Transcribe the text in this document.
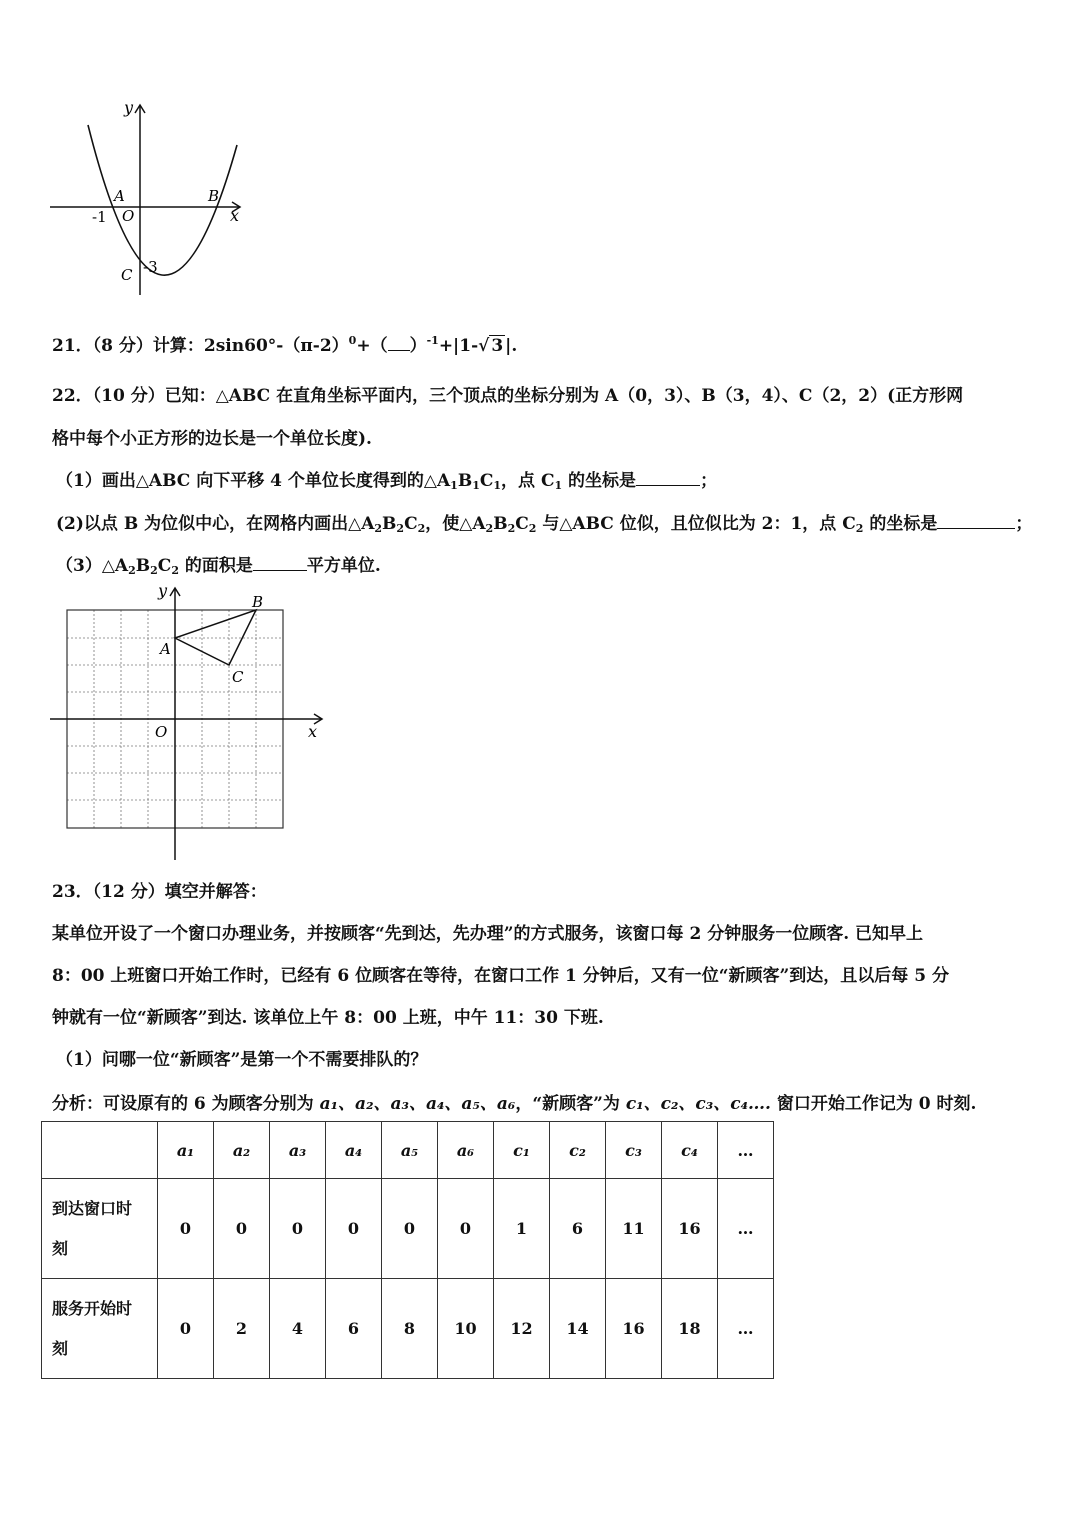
y
x
A	B
C
O
-1
-3
21．（8 分）计算：$2\sin 60^\circ-(\pi-2)^0+$（ ）$^{-1}$+|1-√ 3 |.
22．（10 分）已知：△ABC 在直角坐标平面内，三个顶点的坐标分别为 A（0，3）、B（3，4）、C（2，2）(正方形网
格中每个小正方形的边长是一个单位长度).
（1）画出△ABC 向下平移 4 个单位长度得到的$\triangle A_1B_1C_1$，点 $C_1$ 的坐标是	；
(2)以点 B 为位似中心，在网格内画出$\triangle A_2B_2C_2$，使$\triangle A_2B_2C_2$ 与△ABC 位似，且位似比为 2：1，点 $C_2$ 的坐标是	；
$(3)\triangle A_2B_2C_2$ 的面积是	平方单位.
y
x
A
B
C
O
23．（12 分）填空并解答：
某单位开设了一个窗口办理业务，并按顾客“先到达，先办理”的方式服务，该窗口每 2 分钟服务一位顾客. 已知早上
8：00 上班窗口开始工作时，已经有 6 位顾客在等待，在窗口工作 1 分钟后，又有一位“新顾客”到达，且以后每 5 分
钟就有一位“新顾客”到达. 该单位上午 8：00 上班，中午 11：30 下班.
（1）问哪一位“新顾客”是第一个不需要排队的？
分析：可设原有的 6 为顾客分别为 a₁、a₂、a₃、a₄、a₅、a₆，“新顾客”为 c₁、c₂、c₃、c₄…. 窗口开始工作记为 0 时刻.
	a₁	a₂	a₃	a₄	a₅	a₆	c₁	c₂	c₃	c₄	…
到达窗口时
刻	0	0	0	0	0	0	1	6	11	16	…
服务开始时
刻	0	2	4	6	8	10	12	14	16	18	…
